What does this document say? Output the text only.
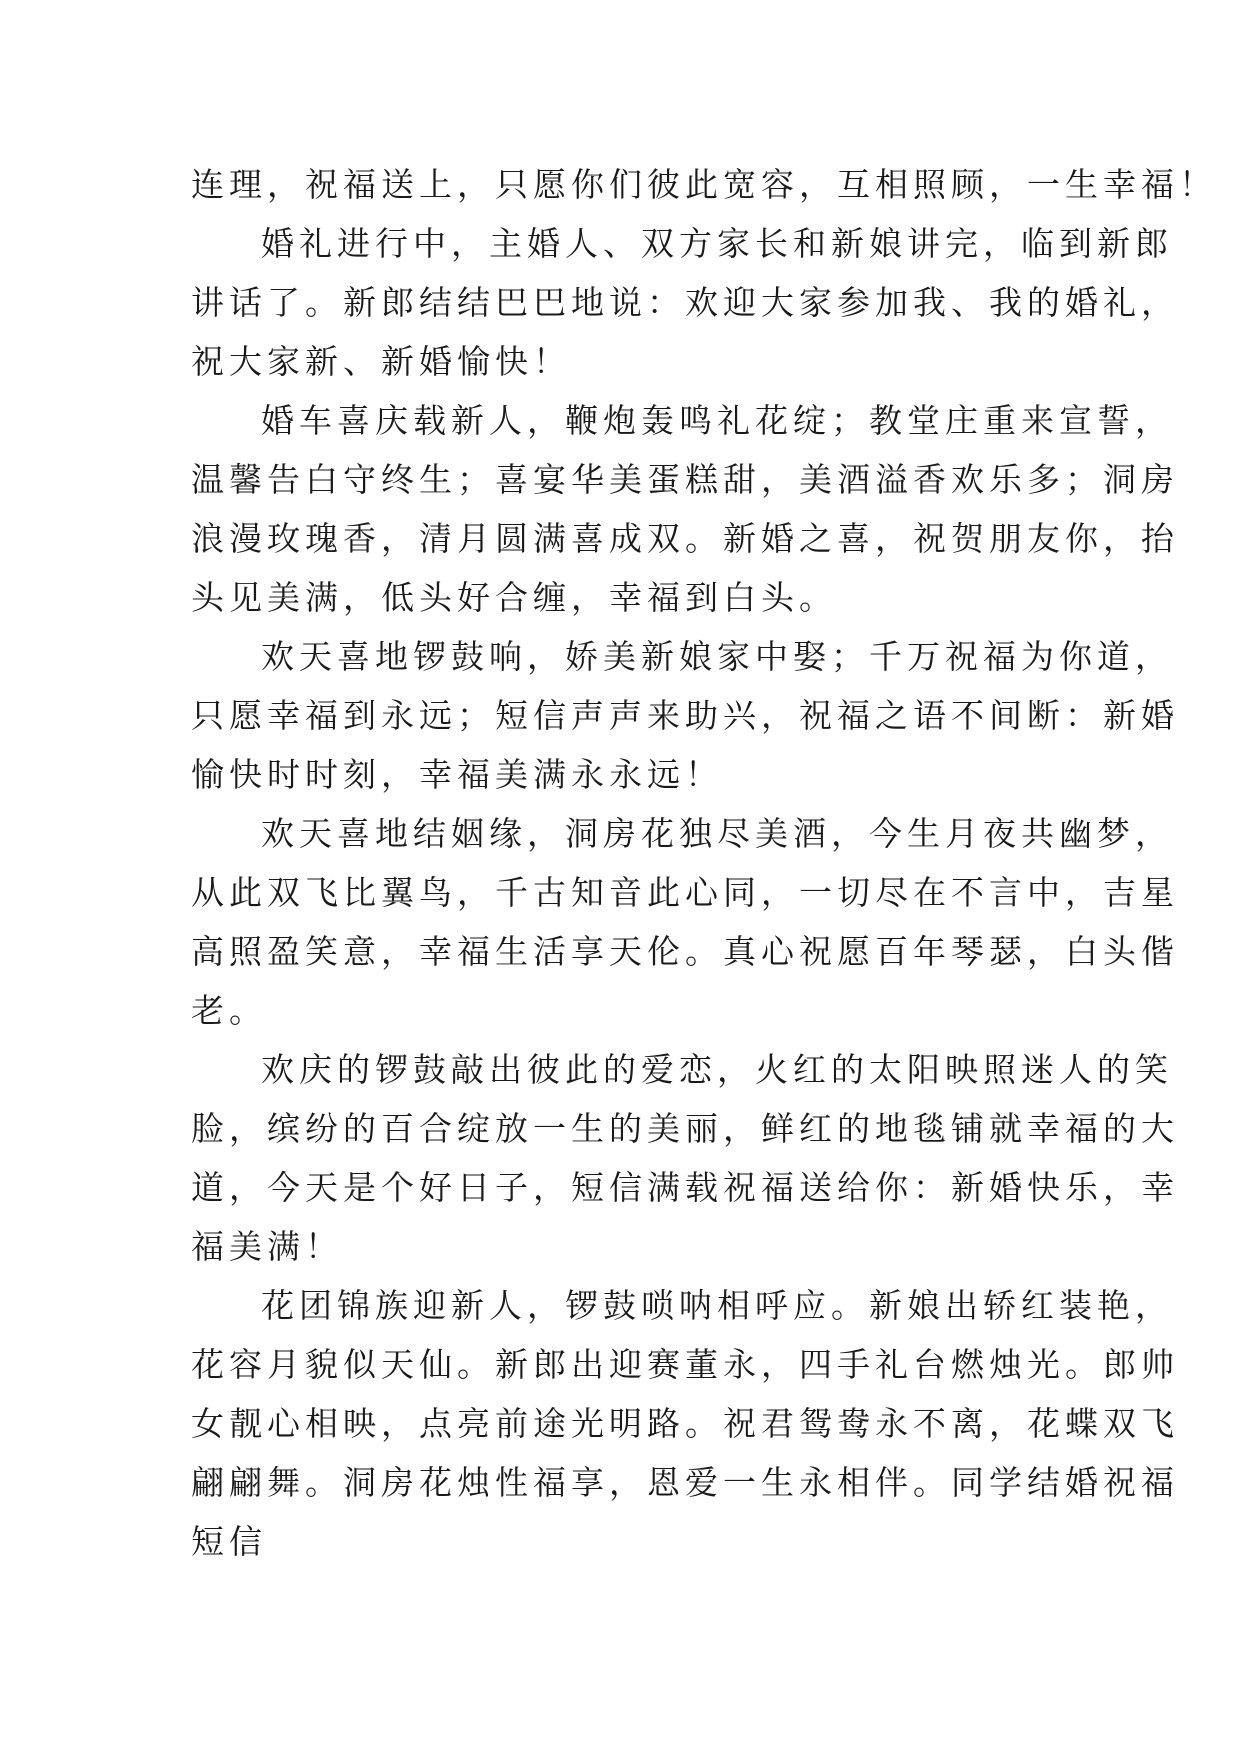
连理，祝福送上，只愿你们彼此宽容，互相照顾，一生幸福！
婚礼进行中，主婚人、双方家长和新娘讲完，临到新郎
讲话了。新郎结结巴巴地说：欢迎大家参加我、我的婚礼，
祝大家新、新婚愉快！
婚车喜庆载新人，鞭炮轰鸣礼花绽；教堂庄重来宣誓，
温馨告白守终生；喜宴华美蛋糕甜，美酒溢香欢乐多；洞房
浪漫玫瑰香，清月圆满喜成双。新婚之喜，祝贺朋友你，抬
头见美满，低头好合缠，幸福到白头。
欢天喜地锣鼓响，娇美新娘家中娶；千万祝福为你道，
只愿幸福到永远；短信声声来助兴，祝福之语不间断：新婚
愉快时时刻，幸福美满永永远！
欢天喜地结姻缘，洞房花独尽美酒，今生月夜共幽梦，
从此双飞比翼鸟，千古知音此心同，一切尽在不言中，吉星
高照盈笑意，幸福生活享天伦。真心祝愿百年琴瑟，白头偕
老。
欢庆的锣鼓敲出彼此的爱恋，火红的太阳映照迷人的笑
脸，缤纷的百合绽放一生的美丽，鲜红的地毯铺就幸福的大
道，今天是个好日子，短信满载祝福送给你：新婚快乐，幸
福美满！
花团锦族迎新人，锣鼓唢呐相呼应。新娘出轿红装艳，
花容月貌似天仙。新郎出迎赛董永，四手礼台燃烛光。郎帅
女靓心相映，点亮前途光明路。祝君鸳鸯永不离，花蝶双飞
翩翩舞。洞房花烛性福享，恩爱一生永相伴。同学结婚祝福
短信
